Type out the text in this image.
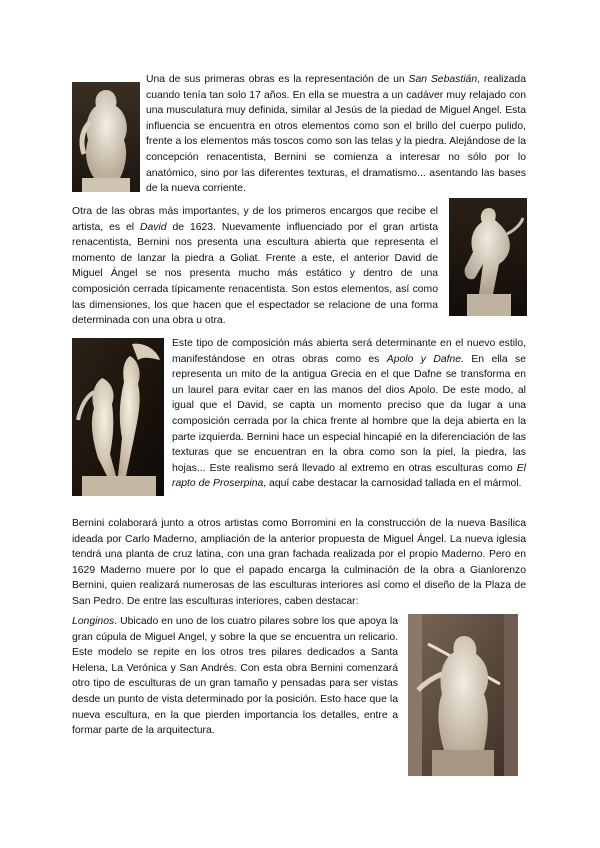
Una de sus primeras obras es la representación de un San Sebastián, realizada cuando tenía tan solo 17 años. En ella se muestra a un cadáver muy relajado con una musculatura muy definida, similar al Jesús de la piedad de Miguel Angel. Esta influencia se encuentra en otros elementos como son el brillo del cuerpo pulido, frente a los elementos más toscos como son las telas y la piedra. Alejándose de la concepción renacentista, Bernini se comienza a interesar no sólo por lo anatómico, sino por las diferentes texturas, el dramatismo... asentando las bases de la nueva corriente.

Otra de las obras más importantes, y de los primeros encargos que recibe el artista, es el David de 1623. Nuevamente influenciado por el gran artista renacentista, Bernini nos presenta una escultura abierta que representa el momento de lanzar la piedra a Goliat. Frente a este, el anterior David de Miguel Ángel se nos presenta mucho más estático y dentro de una composición cerrada típicamente renacentista. Son estos elementos, así como las dimensiones, los que hacen que el espectador se relacione de una forma determinada con una obra u otra.

Este tipo de composición más abierta será determinante en el nuevo estilo, manifestándose en otras obras como es Apolo y Dafne. En ella se representa un mito de la antigua Grecia en el que Dafne se transforma en un laurel para evitar caer en las manos del dios Apolo. De este modo, al igual que el David, se capta un momento preciso que da lugar a una composición cerrada por la chica frente al hombre que la deja abierta en la parte izquierda. Bernini hace un especial hincapié en la diferenciación de las texturas que se encuentran en la obra como son la piel, la piedra, las hojas... Este realismo será llevado al extremo en otras esculturas como El rapto de Proserpina, aquí cabe destacar la carnosidad tallada en el mármol.

Bernini colaborará junto a otros artistas como Borromini en la construcción de la nueva Basílica ideada por Carlo Maderno, ampliación de la anterior propuesta de Miguel Ángel. La nueva iglesia tendrá una planta de cruz latina, con una gran fachada realizada por el propio Maderno. Pero en 1629 Maderno muere por lo que el papado encarga la culminación de la obra a Gianlorenzo Bernini, quien realizará numerosas de las esculturas interiores así como el diseño de la Plaza de San Pedro. De entre las esculturas interiores, caben destacar:

Longinos. Ubicado en uno de los cuatro pilares sobre los que apoya la gran cúpula de Miguel Angel, y sobre la que se encuentra un relicario. Este modelo se repite en los otros tres pilares dedicados a Santa Helena, La Verónica y San Andrés. Con esta obra Bernini comenzará otro tipo de esculturas de un gran tamaño y pensadas para ser vistas desde un punto de vista determinado por la posición. Esto hace que la nueva escultura, en la que pierden importancia los detalles, entre a formar parte de la arquitectura.
